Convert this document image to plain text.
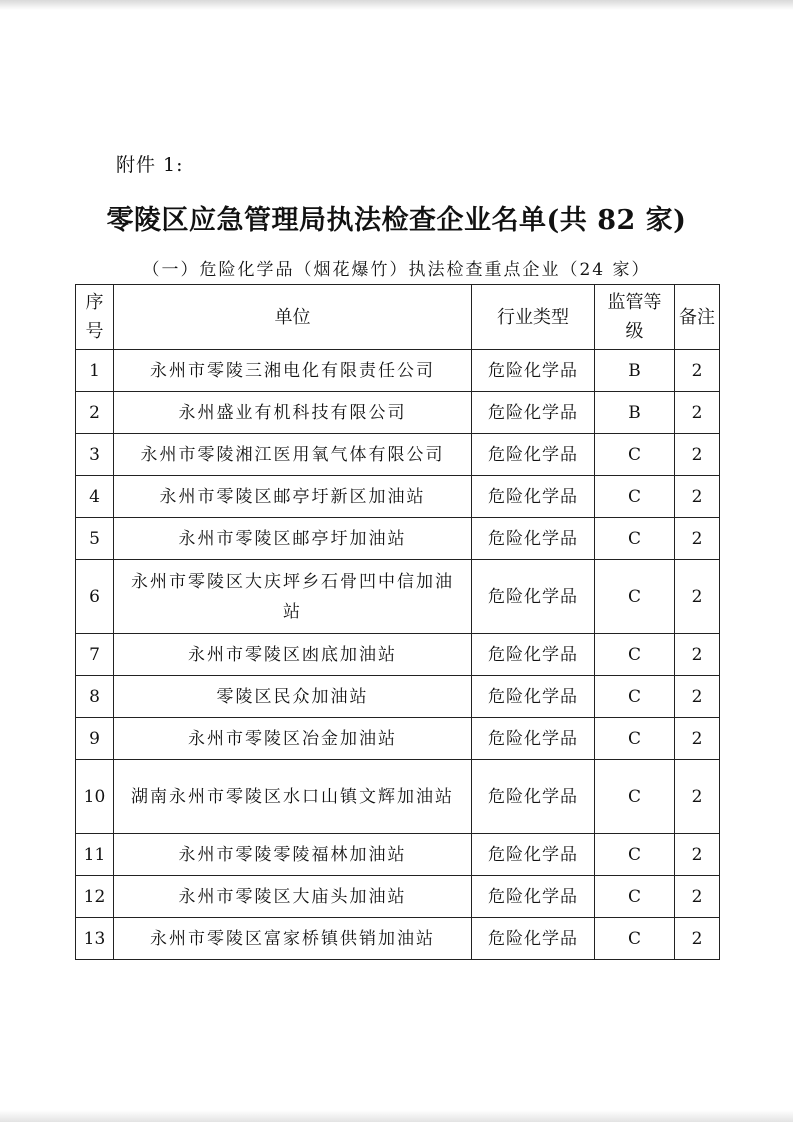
附件 1:
零陵区应急管理局执法检查企业名单(共 82 家)
（一）危险化学品（烟花爆竹）执法检查重点企业（24 家）
序号	单位	行业类型	监管等级	备注
1	永州市零陵三湘电化有限责任公司	危险化学品	B	2
2	永州盛业有机科技有限公司	危险化学品	B	2
3	永州市零陵湘江医用氧气体有限公司	危险化学品	C	2
4	永州市零陵区邮亭圩新区加油站	危险化学品	C	2
5	永州市零陵区邮亭圩加油站	危险化学品	C	2
6	永州市零陵区大庆坪乡石骨凹中信加油站	危险化学品	C	2
7	永州市零陵区凼底加油站	危险化学品	C	2
8	零陵区民众加油站	危险化学品	C	2
9	永州市零陵区冶金加油站	危险化学品	C	2
10	湖南永州市零陵区水口山镇文辉加油站	危险化学品	C	2
11	永州市零陵零陵福林加油站	危险化学品	C	2
12	永州市零陵区大庙头加油站	危险化学品	C	2
13	永州市零陵区富家桥镇供销加油站	危险化学品	C	2
